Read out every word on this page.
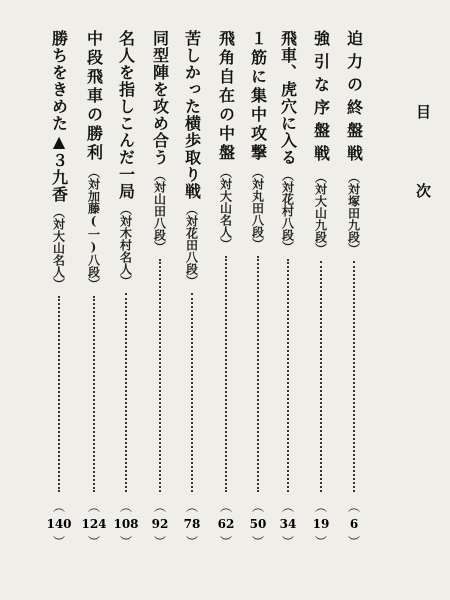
目次
迫力の終盤戦
（対塚田九段）
︵
6
︶
強引な序盤戦
（対大山九段）
︵
19
︶
飛車、虎穴に入る
（対花村八段）
︵
34
︶
１筋に集中攻撃
（対丸田八段）
︵
50
︶
飛角自在の中盤
（対大山名人）
︵
62
︶
苦しかった横歩取り戦
（対花田八段）
︵
78
︶
同型陣を攻め合う
（対山田八段）
︵
92
︶
名人を指しこんだ一局
（対木村名人）
︵
108
︶
中段飛車の勝利
（対加藤(一)八段）
︵
124
︶
勝ちをきめた▲３九香
（対大山名人）
︵
140
︶
